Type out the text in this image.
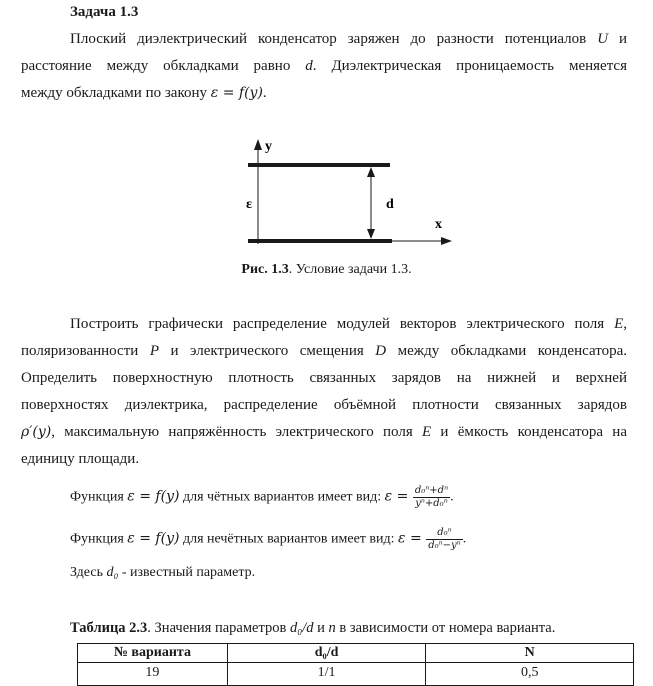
Задача 1.3
Плоский диэлектрический конденсатор заряжен до разности потенциалов U и
расстояние между обкладками равно d. Диэлектрическая проницаемость меняется
между обкладками по закону ε = f(y).
y
x
ε	d
Рис. 1.3. Условие задачи 1.3.
Построить графически распределение модулей векторов электрического поля E,
поляризованности P и электрического смещения D между обкладками конденсатора.
Определить поверхностную плотность связанных зарядов на нижней и верхней
поверхностях диэлектрика, распределение объёмной плотности связанных зарядов
ρ′(y), максимальную напряжённость электрического поля E и ёмкость конденсатора на
единицу площади.
Функция ε = f(y) для чётных вариантов имеет вид: $\varepsilon = \frac{\text{d₀ⁿ+dⁿ}}{\text{yⁿ+d₀ⁿ}}$ .
Функция ε = f(y) для нечётных вариантов имеет вид: $\varepsilon = \frac{\text{d₀ⁿ}}{\text{d₀ⁿ−yⁿ}}$ .
Здесь d₀ - известный параметр.
Таблица 2.3. Значения параметров d₀/d и n в зависимости от номера варианта.
№ варианта	d₀/d	N
19	1/1	0,5
